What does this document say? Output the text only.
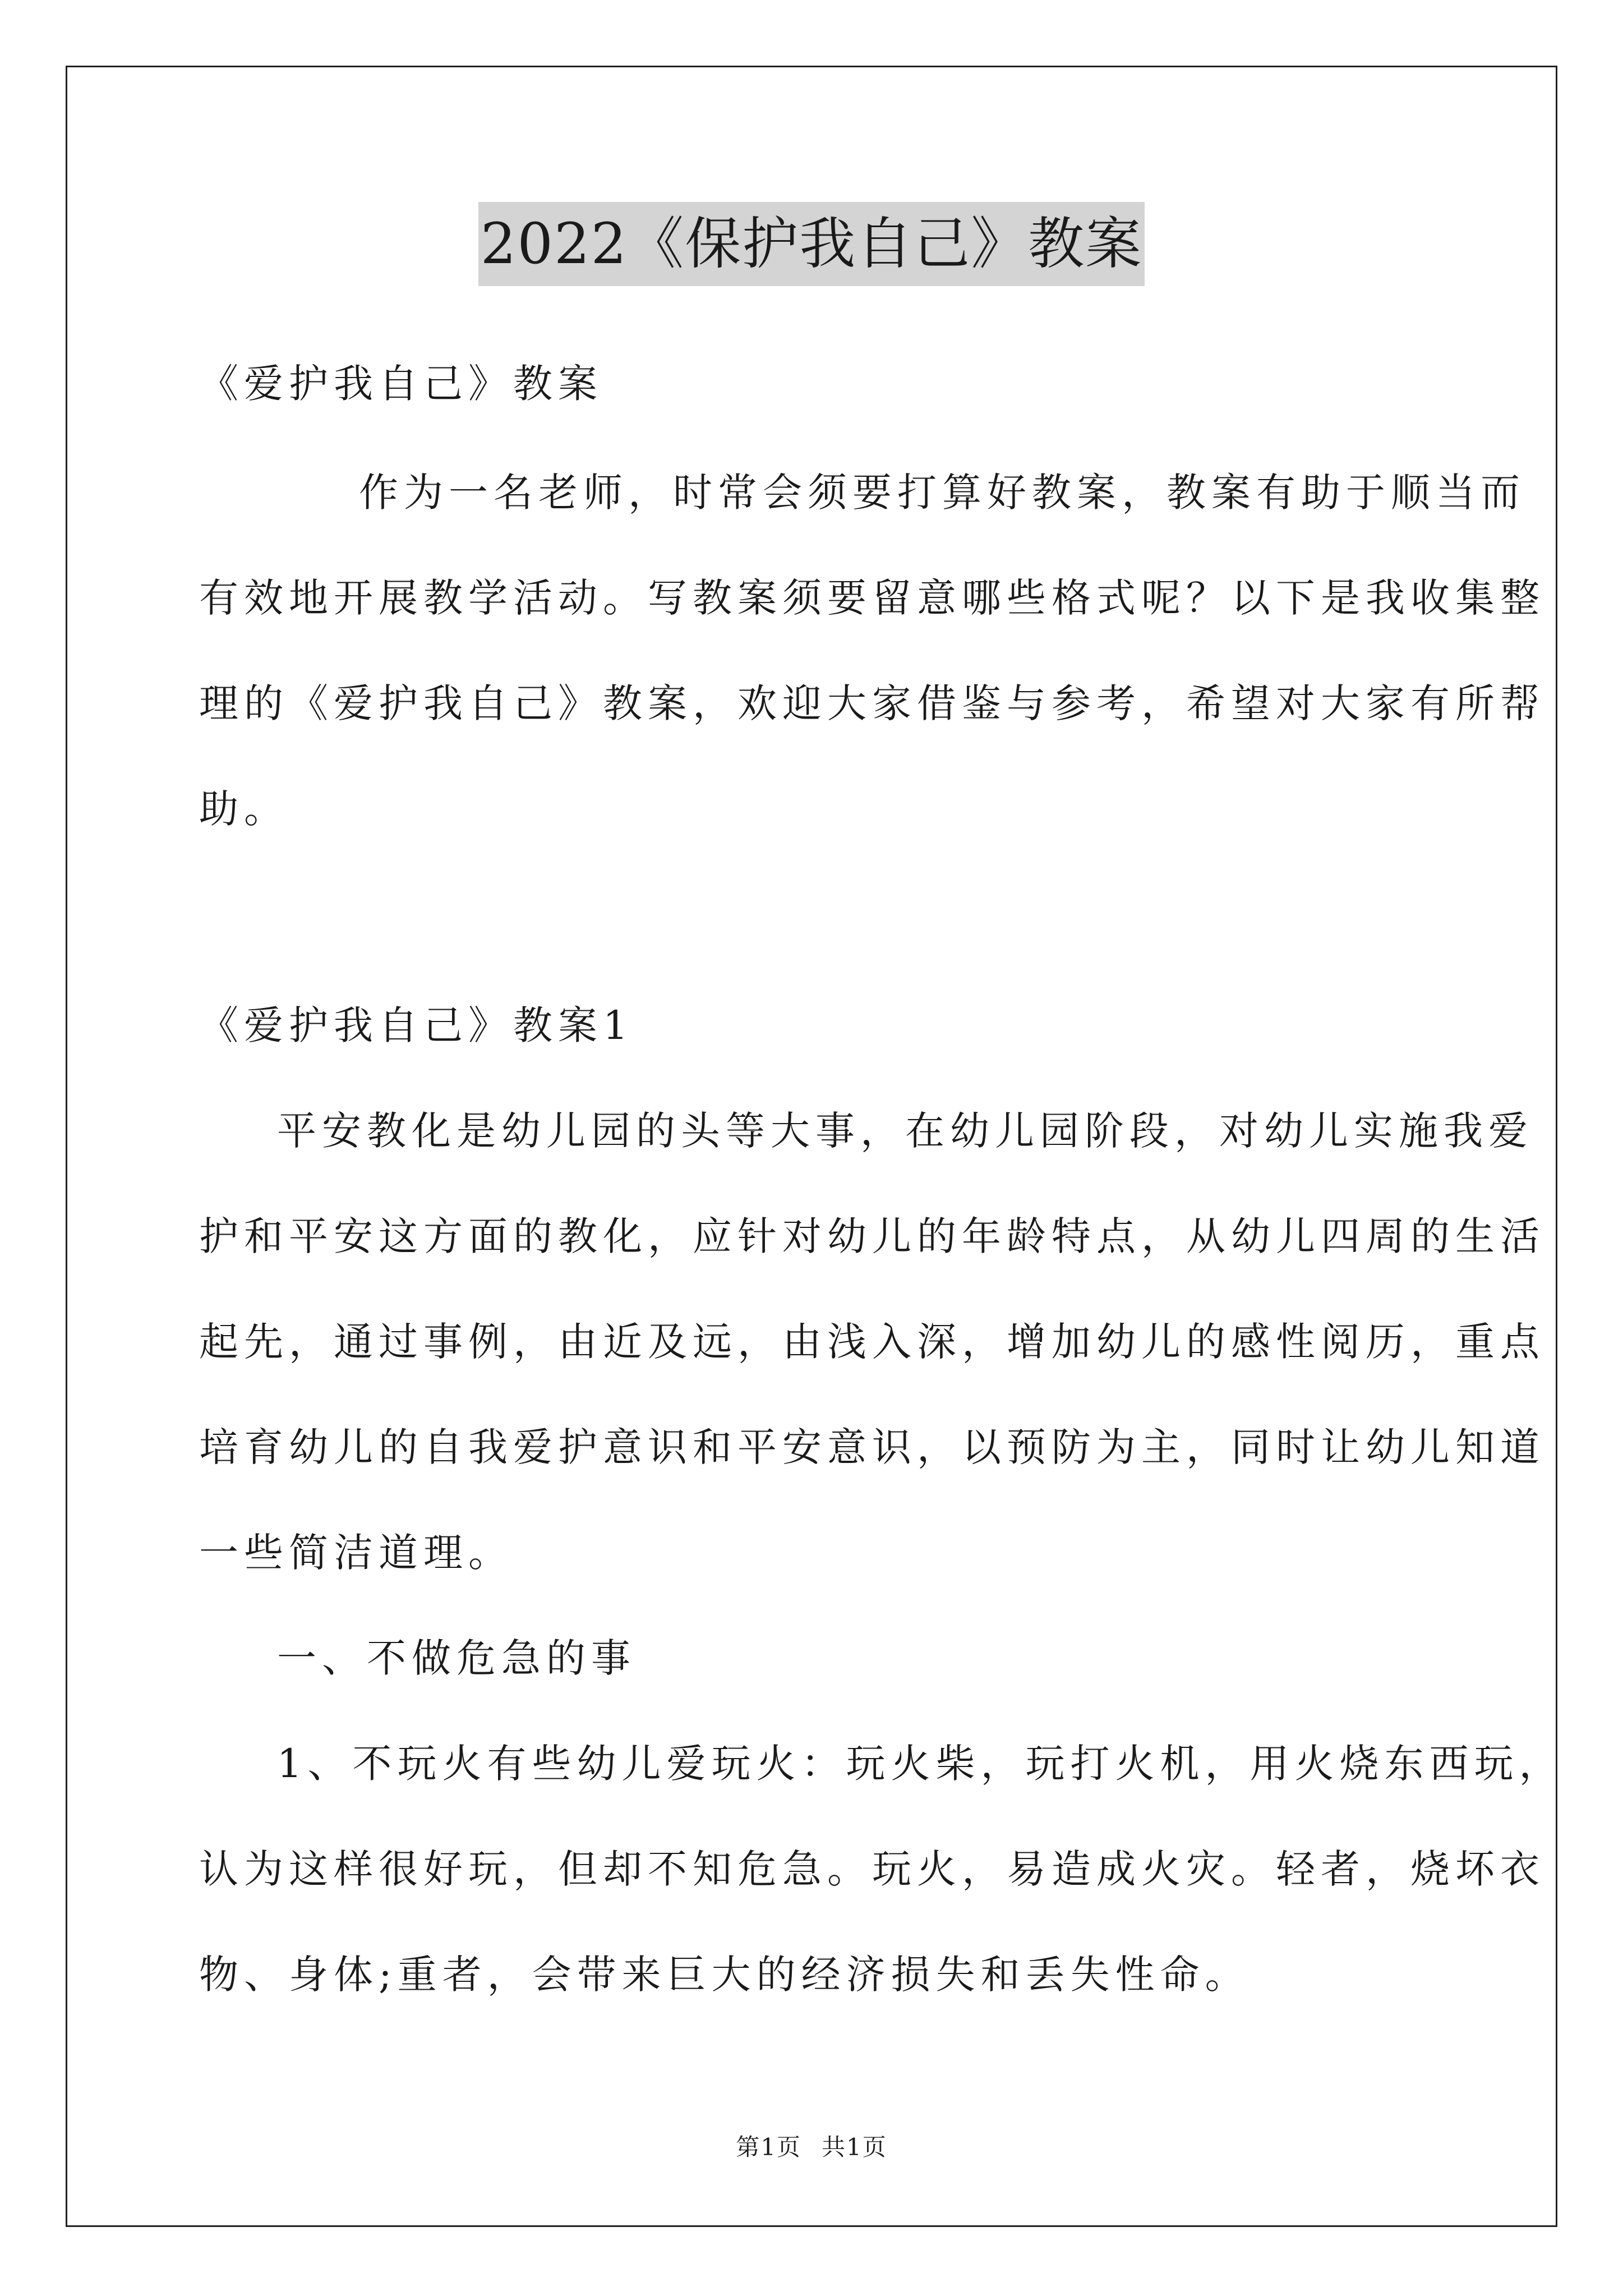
2022《保护我自己》教案
《爱护我自己》教案
作为一名老师，时常会须要打算好教案，教案有助于顺当而
有效地开展教学活动。写教案须要留意哪些格式呢？以下是我收集整
理的《爱护我自己》教案，欢迎大家借鉴与参考，希望对大家有所帮
助。
《爱护我自己》教案1
平安教化是幼儿园的头等大事，在幼儿园阶段，对幼儿实施我爱
护和平安这方面的教化，应针对幼儿的年龄特点，从幼儿四周的生活
起先，通过事例，由近及远，由浅入深，增加幼儿的感性阅历，重点
培育幼儿的自我爱护意识和平安意识，以预防为主，同时让幼儿知道
一些简洁道理。
一、不做危急的事
1、不玩火有些幼儿爱玩火：玩火柴，玩打火机，用火烧东西玩，
认为这样很好玩，但却不知危急。玩火，易造成火灾。轻者，烧坏衣
物、身体;重者，会带来巨大的经济损失和丢失性命。
第1页 共1页
